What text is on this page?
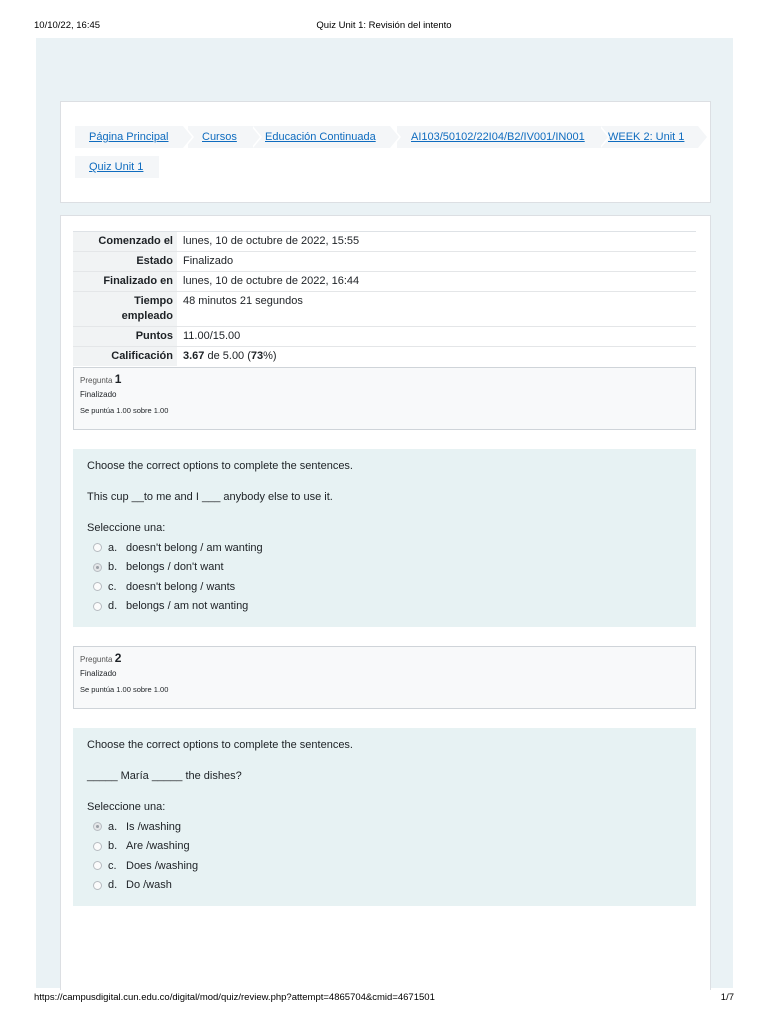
10/10/22, 16:45	Quiz Unit 1: Revisión del intento
Página Principal	Cursos	Educación Continuada	AI103/50102/22I04/B2/IV001/IN001 WEEK 2: Unit 1
Quiz Unit 1
Comenzado el	lunes, 10 de octubre de 2022, 15:55
Estado	Finalizado
Finalizado en	lunes, 10 de octubre de 2022, 16:44
Tiempo
empleado	48 minutos 21 segundos
Puntos	11.00/15.00
Calificación	3.67 de 5.00 (73%)
Pregunta 1
Finalizado
Se puntúa 1.00 sobre 1.00
Choose the correct options to complete the sentences.
This cup __to me and I ___ anybody else to use it.
Seleccione una:
a. doesn't belong / am wanting
b. belongs / don't want
c. doesn't belong / wants
d. belongs / am not wanting
Pregunta 2
Finalizado
Se puntúa 1.00 sobre 1.00
Choose the correct options to complete the sentences.
_____ María _____ the dishes?
Seleccione una:
a. Is /washing
b. Are /washing
c. Does /washing
d. Do /wash
https://campusdigital.cun.edu.co/digital/mod/quiz/review.php?attempt=4865704&cmid=4671501	1/7
